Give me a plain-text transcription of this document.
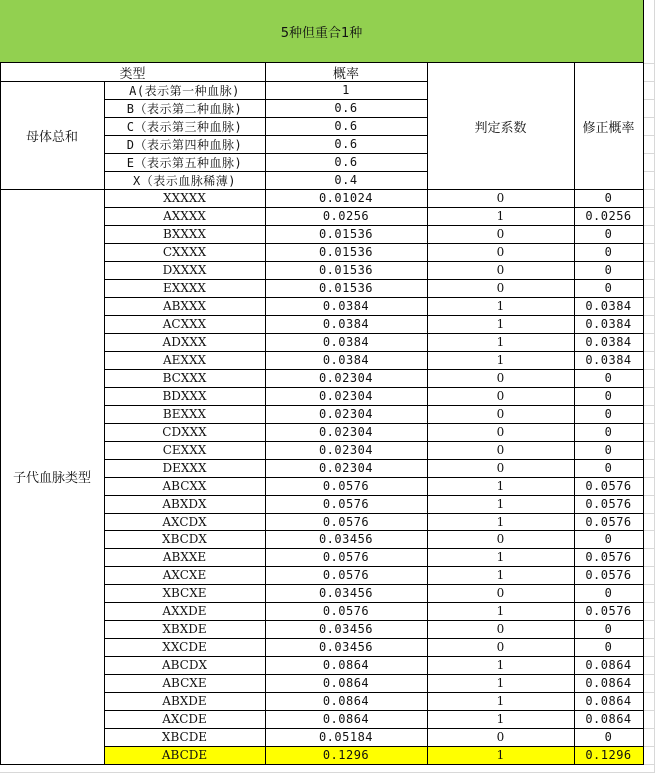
5种但重合1种
类型	概率
判定系数	修正概率
母体总和
A(表示第一种血脉)	1
B（表示第二种血脉)	0.6
C（表示第三种血脉)	0.6
D（表示第四种血脉)	0.6
E（表示第五种血脉)	0.6
X（表示血脉稀薄)	0.4
子代血脉类型
XXXXX	0.01024	0	0
AXXXX	0.0256	1	0.0256
BXXXX	0.01536	0	0
CXXXX	0.01536	0	0
DXXXX	0.01536	0	0
EXXXX	0.01536	0	0
ABXXX	0.0384	1	0.0384
ACXXX	0.0384	1	0.0384
ADXXX	0.0384	1	0.0384
AEXXX	0.0384	1	0.0384
BCXXX	0.02304	0	0
BDXXX	0.02304	0	0
BEXXX	0.02304	0	0
CDXXX	0.02304	0	0
CEXXX	0.02304	0	0
DEXXX	0.02304	0	0
ABCXX	0.0576	1	0.0576
ABXDX	0.0576	1	0.0576
AXCDX	0.0576	1	0.0576
XBCDX	0.03456	0	0
ABXXE	0.0576	1	0.0576
AXCXE	0.0576	1	0.0576
XBCXE	0.03456	0	0
AXXDE	0.0576	1	0.0576
XBXDE	0.03456	0	0
XXCDE	0.03456	0	0
ABCDX	0.0864	1	0.0864
ABCXE	0.0864	1	0.0864
ABXDE	0.0864	1	0.0864
AXCDE	0.0864	1	0.0864
XBCDE	0.05184	0	0
ABCDE	0.1296	1	0.1296
